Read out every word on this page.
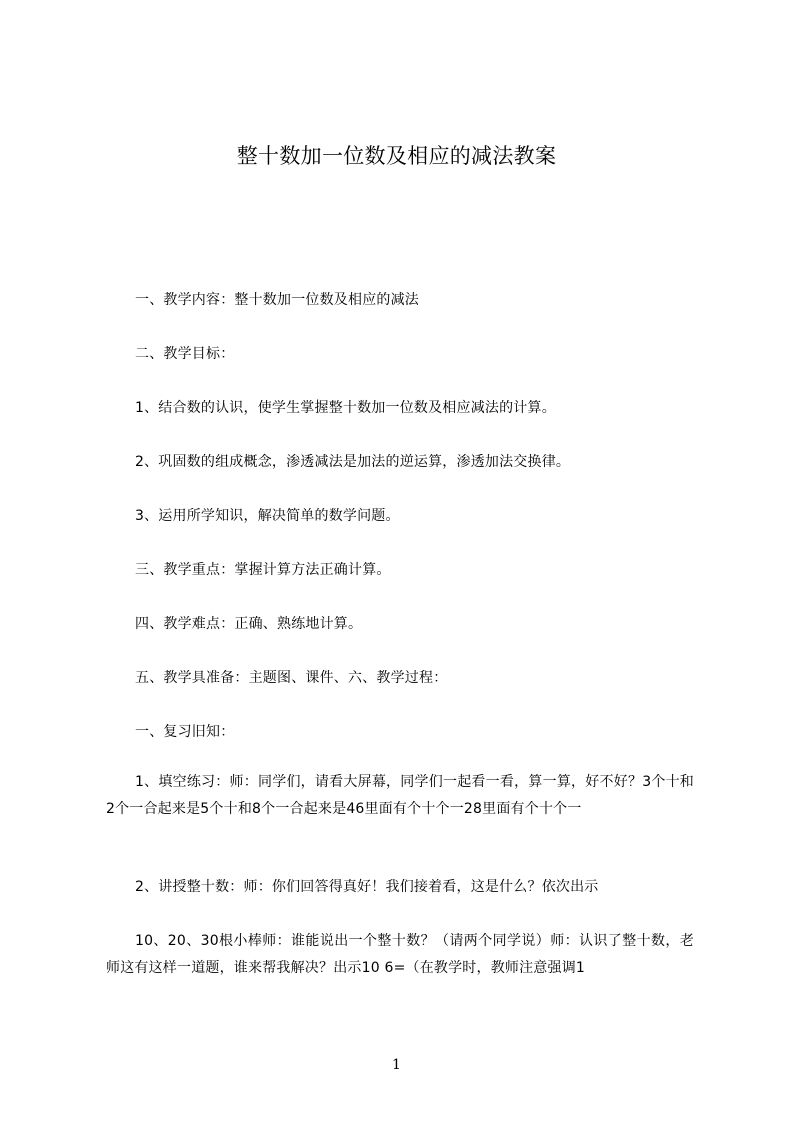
整十数加一位数及相应的减法教案
一、教学内容：整十数加一位数及相应的减法
二、教学目标：
1、结合数的认识，使学生掌握整十数加一位数及相应减法的计算。
2、巩固数的组成概念，渗透减法是加法的逆运算，渗透加法交换律。
3、运用所学知识，解决简单的数学问题。
三、教学重点：掌握计算方法正确计算。
四、教学难点：正确、熟练地计算。
五、教学具准备：主题图、课件、六、教学过程：
一、复习旧知：
1、填空练习：师：同学们，请看大屏幕，同学们一起看一看，算一算，好不好？3个十和2个一合起来是5个十和8个一合起来是46里面有个十个一28里面有个十个一
2、讲授整十数：师：你们回答得真好！我们接着看，这是什么？依次出示
10、20、30根小棒师：谁能说出一个整十数？（请两个同学说）师：认识了整十数，老师这有这样一道题，谁来帮我解决？出示10 6=（在教学时，教师注意强调1
1
